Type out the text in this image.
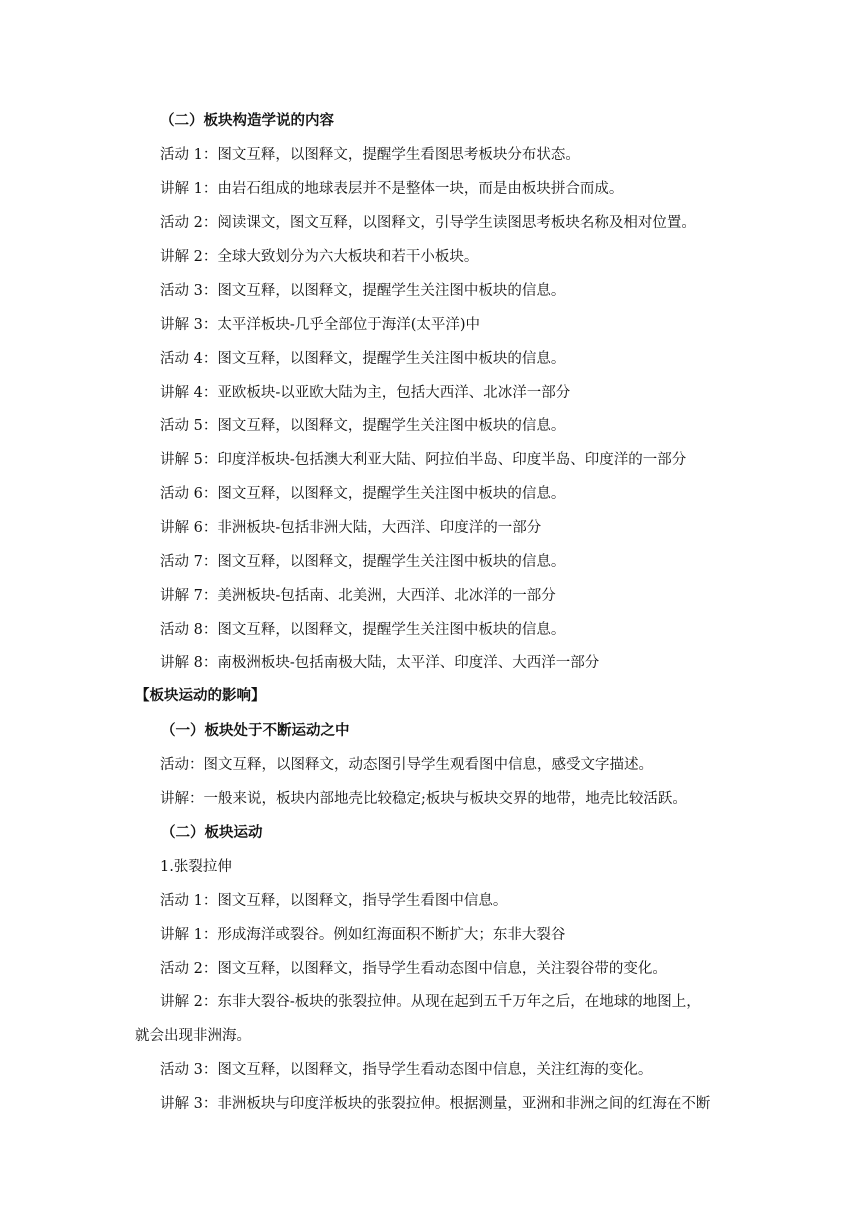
（二）板块构造学说的内容
活动 1：图文互释，以图释文，提醒学生看图思考板块分布状态。
讲解 1：由岩石组成的地球表层并不是整体一块，而是由板块拼合而成。
活动 2：阅读课文，图文互释，以图释文，引导学生读图思考板块名称及相对位置。
讲解 2：全球大致划分为六大板块和若干小板块。
活动 3：图文互释，以图释文，提醒学生关注图中板块的信息。
讲解 3：太平洋板块-几乎全部位于海洋(太平洋)中
活动 4：图文互释，以图释文，提醒学生关注图中板块的信息。
讲解 4：亚欧板块-以亚欧大陆为主，包括大西洋、北冰洋一部分
活动 5：图文互释，以图释文，提醒学生关注图中板块的信息。
讲解 5：印度洋板块-包括澳大利亚大陆、阿拉伯半岛、印度半岛、印度洋的一部分
活动 6：图文互释，以图释文，提醒学生关注图中板块的信息。
讲解 6：非洲板块-包括非洲大陆，大西洋、印度洋的一部分
活动 7：图文互释，以图释文，提醒学生关注图中板块的信息。
讲解 7：美洲板块-包括南、北美洲，大西洋、北冰洋的一部分
活动 8：图文互释，以图释文，提醒学生关注图中板块的信息。
讲解 8：南极洲板块-包括南极大陆，太平洋、印度洋、大西洋一部分
【板块运动的影响】
（一）板块处于不断运动之中
活动：图文互释，以图释文，动态图引导学生观看图中信息，感受文字描述。
讲解：一般来说，板块内部地壳比较稳定;板块与板块交界的地带，地壳比较活跃。
（二）板块运动
1.张裂拉伸
活动 1：图文互释，以图释文，指导学生看图中信息。
讲解 1：形成海洋或裂谷。例如红海面积不断扩大；东非大裂谷
活动 2：图文互释，以图释文，指导学生看动态图中信息，关注裂谷带的变化。
讲解 2：东非大裂谷-板块的张裂拉伸。从现在起到五千万年之后，在地球的地图上，
就会出现非洲海。
活动 3：图文互释，以图释文，指导学生看动态图中信息，关注红海的变化。
讲解 3：非洲板块与印度洋板块的张裂拉伸。根据测量，亚洲和非洲之间的红海在不断
